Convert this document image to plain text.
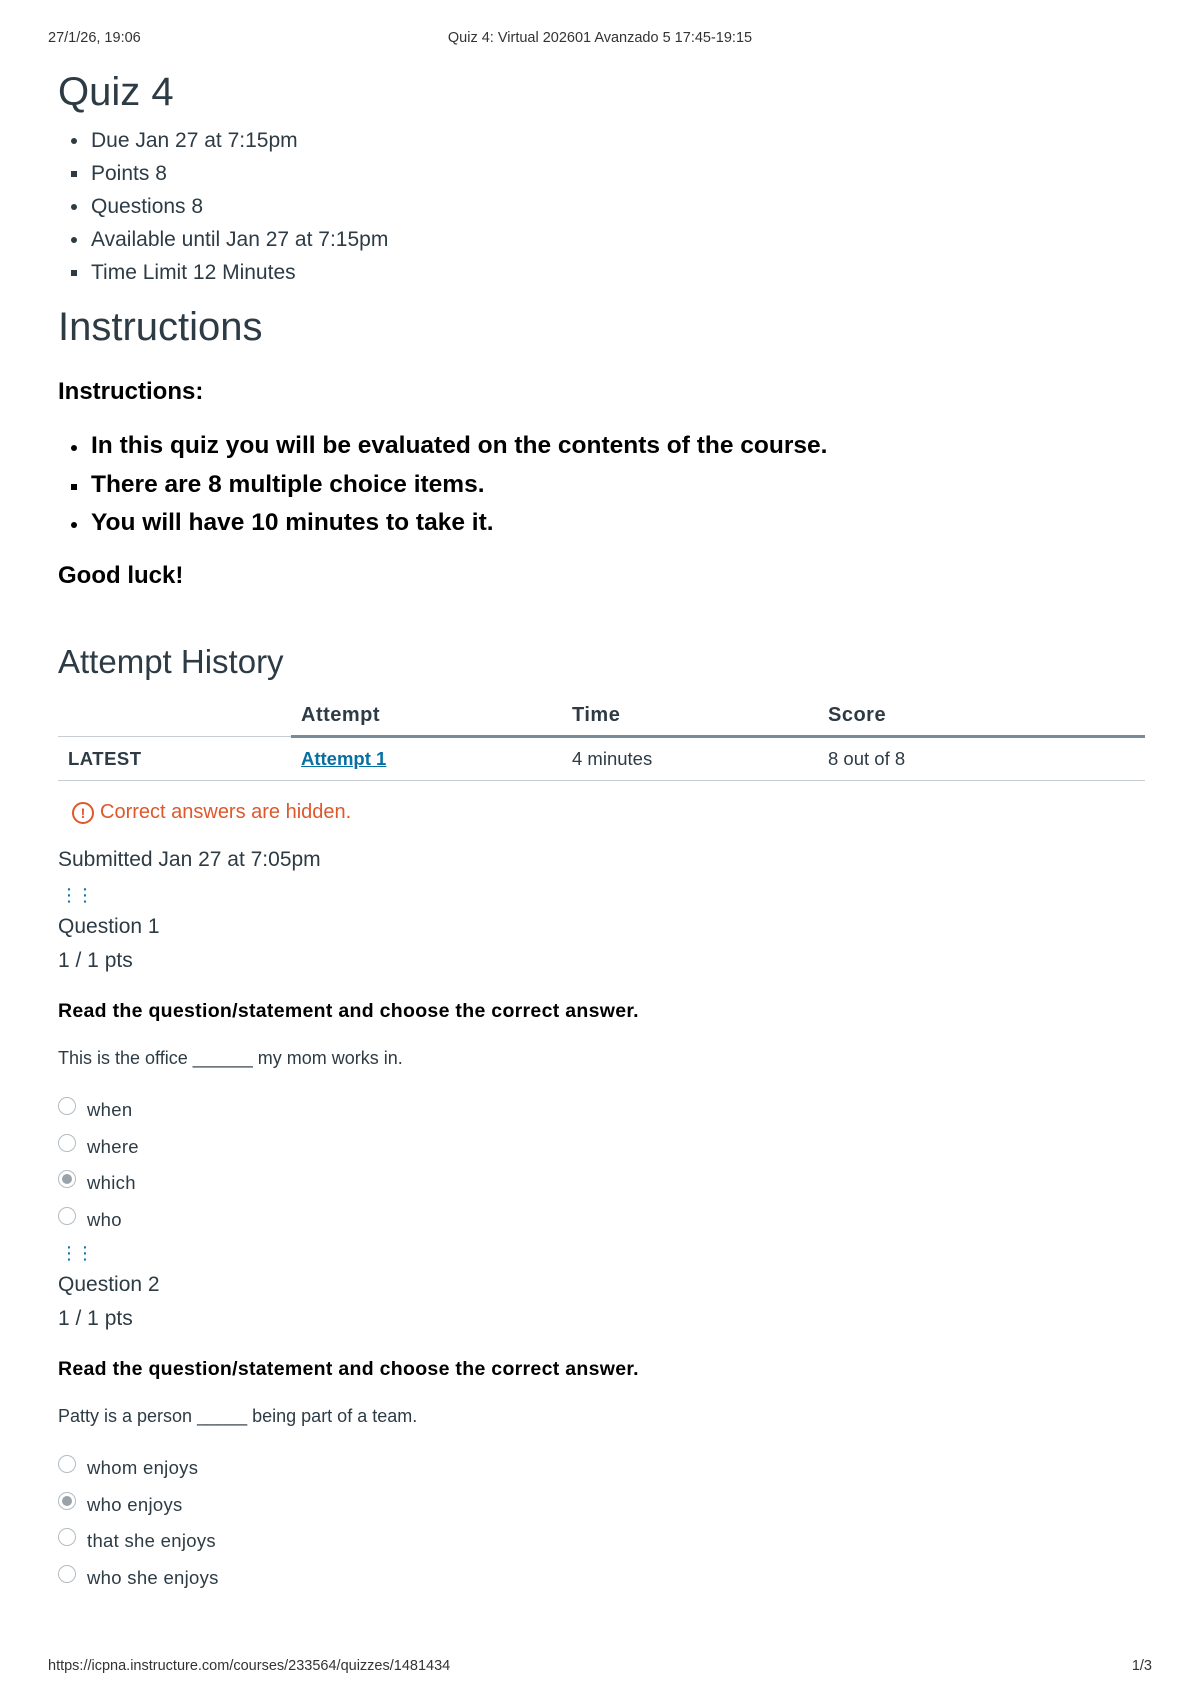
27/1/26, 19:06	Quiz 4: Virtual 202601 Avanzado 5 17:45-19:15
Quiz 4
Due Jan 27 at 7:15pm
Points 8
Questions 8
Available until Jan 27 at 7:15pm
Time Limit 12 Minutes
Instructions
Instructions:
In this quiz you will be evaluated on the contents of the course.
There are 8 multiple choice items.
You will have 10 minutes to take it.
Good luck!
Attempt History
	Attempt	Time	Score
LATEST	Attempt 1	4 minutes	8 out of 8
! Correct answers are hidden.
Submitted Jan 27 at 7:05pm
⋮⋮
Question 1
1 / 1 pts
Read the question/statement and choose the correct answer.
This is the office ______ my mom works in.
when
where
which
who
⋮⋮
Question 2
1 / 1 pts
Read the question/statement and choose the correct answer.
Patty is a person _____ being part of a team.
whom enjoys
who enjoys
that she enjoys
who she enjoys
https://icpna.instructure.com/courses/233564/quizzes/1481434	1/3
